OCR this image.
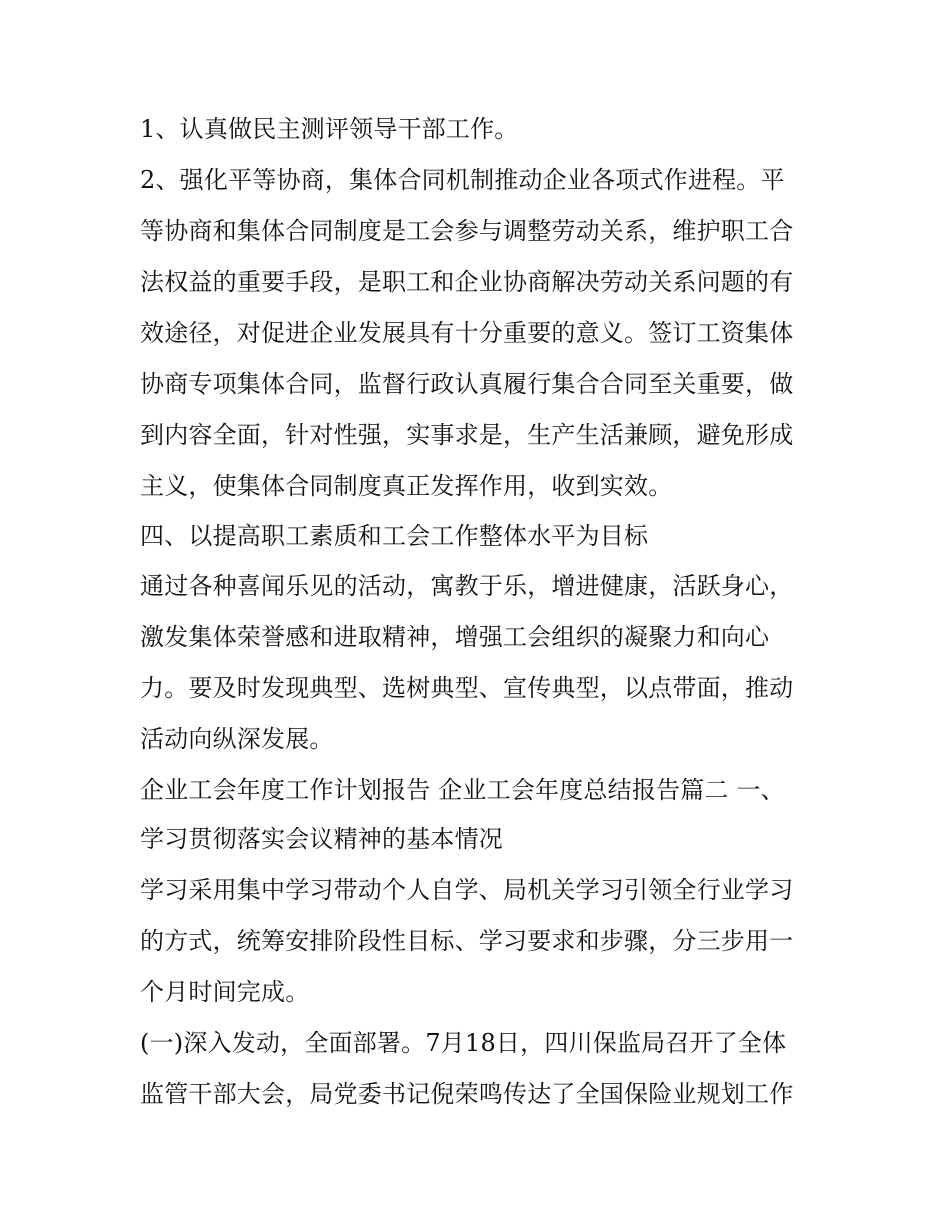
1、认真做民主测评领导干部工作。
2、强化平等协商，集体合同机制推动企业各项式作进程。平
等协商和集体合同制度是工会参与调整劳动关系，维护职工合
法权益的重要手段，是职工和企业协商解决劳动关系问题的有
效途径，对促进企业发展具有十分重要的意义。签订工资集体
协商专项集体合同，监督行政认真履行集合合同至关重要，做
到内容全面，针对性强，实事求是，生产生活兼顾，避免形成
主义，使集体合同制度真正发挥作用，收到实效。
四、以提高职工素质和工会工作整体水平为目标
通过各种喜闻乐见的活动，寓教于乐，增进健康，活跃身心，
激发集体荣誉感和进取精神，增强工会组织的凝聚力和向心
力。要及时发现典型、选树典型、宣传典型，以点带面，推动
活动向纵深发展。
企业工会年度工作计划报告 企业工会年度总结报告篇二 一、
学习贯彻落实会议精神的基本情况
学习采用集中学习带动个人自学、局机关学习引领全行业学习
的方式，统筹安排阶段性目标、学习要求和步骤，分三步用一
个月时间完成。
(一)深入发动，全面部署。7月18日，四川保监局召开了全体
监管干部大会，局党委书记倪荣鸣传达了全国保险业规划工作
